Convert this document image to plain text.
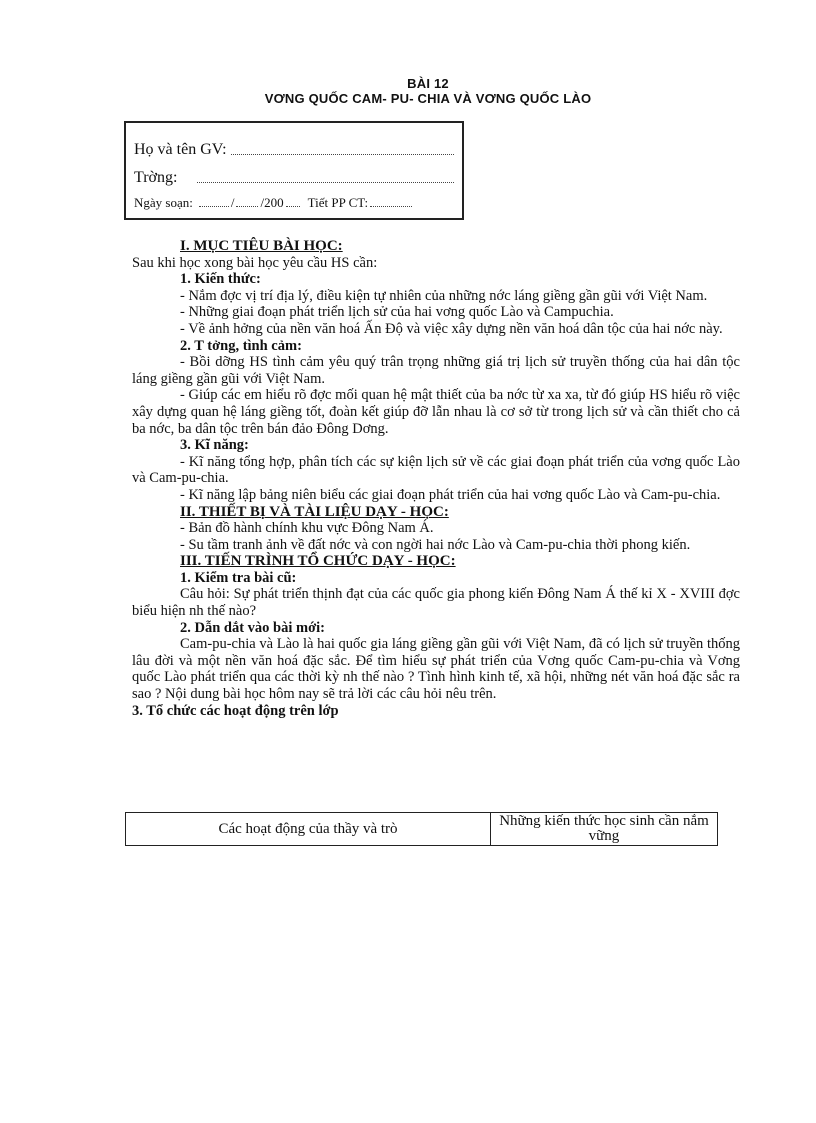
BÀI 12
VƠNG QUỐC CAM- PU- CHIA VÀ VƠNG QUỐC LÀO
Họ và tên GV:
Trờng:
Ngày soạn:	/ /200 Tiết PP CT:

I. MỤC TIÊU BÀI HỌC:

Sau khi học xong bài học yêu cầu HS cần:

1. Kiến thức:

- Nắm đợc vị trí địa lý, điều kiện tự nhiên của những nớc láng giềng gần gũi với Việt Nam.

- Những giai đoạn phát triển lịch sử của hai vơng quốc Lào và Campuchia.

- Về ảnh hởng của nền văn hoá Ấn Độ và việc xây dựng nền văn hoá dân tộc của hai nớc này.

2. T tởng, tình cảm:

- Bồi dỡng HS tình cảm yêu quý trân trọng những giá trị lịch sử truyền thống của hai dân tộc láng giềng gần gũi với Việt Nam.

- Giúp các em hiểu rõ đợc mối quan hệ mật thiết của ba nớc từ xa xa, từ đó giúp HS hiểu rõ việc xây dựng quan hệ láng giềng tốt, đoàn kết giúp đỡ lẫn nhau là cơ sở từ trong lịch sử và cần thiết cho cả ba nớc, ba dân tộc trên bán đảo Đông Dơng.

3. Kĩ năng:

- Kĩ năng tổng hợp, phân tích các sự kiện lịch sử về các giai đoạn phát triển của vơng quốc Lào và Cam-pu-chia.

- Kĩ năng lập bảng niên biểu các giai đoạn phát triển của hai vơng quốc Lào và Cam-pu-chia.

II. THIẾT BỊ VÀ TÀI LIỆU DẠY - HỌC:

- Bản đồ hành chính khu vực Đông Nam Á.

- Su tầm tranh ảnh về đất nớc và con ngời hai nớc Lào và Cam-pu-chia thời phong kiến.

III. TIẾN TRÌNH TỔ CHỨC DẠY - HỌC:

1. Kiểm tra bài cũ:

Câu hỏi: Sự phát triển thịnh đạt của các quốc gia phong kiến Đông Nam Á thế kỉ X - XVIII đợc biểu hiện nh thế nào?

2. Dẫn dắt vào bài mới:

Cam-pu-chia và Lào là hai quốc gia láng giềng gần gũi với Việt Nam, đã có lịch sử truyền thống lâu đời và một nền văn hoá đặc sắc. Để tìm hiểu sự phát triển của Vơng quốc Cam-pu-chia và Vơng quốc Lào phát triển qua các thời kỳ nh thế nào ? Tình hình kinh tế, xã hội, những nét văn hoá đặc sắc ra sao ? Nội dung bài học hôm nay sẽ trả lời các câu hỏi nêu trên.

3. Tổ chức các hoạt động trên lớp

Các hoạt động của thầy và trò	Những kiến thức học sinh cần nắm vững
